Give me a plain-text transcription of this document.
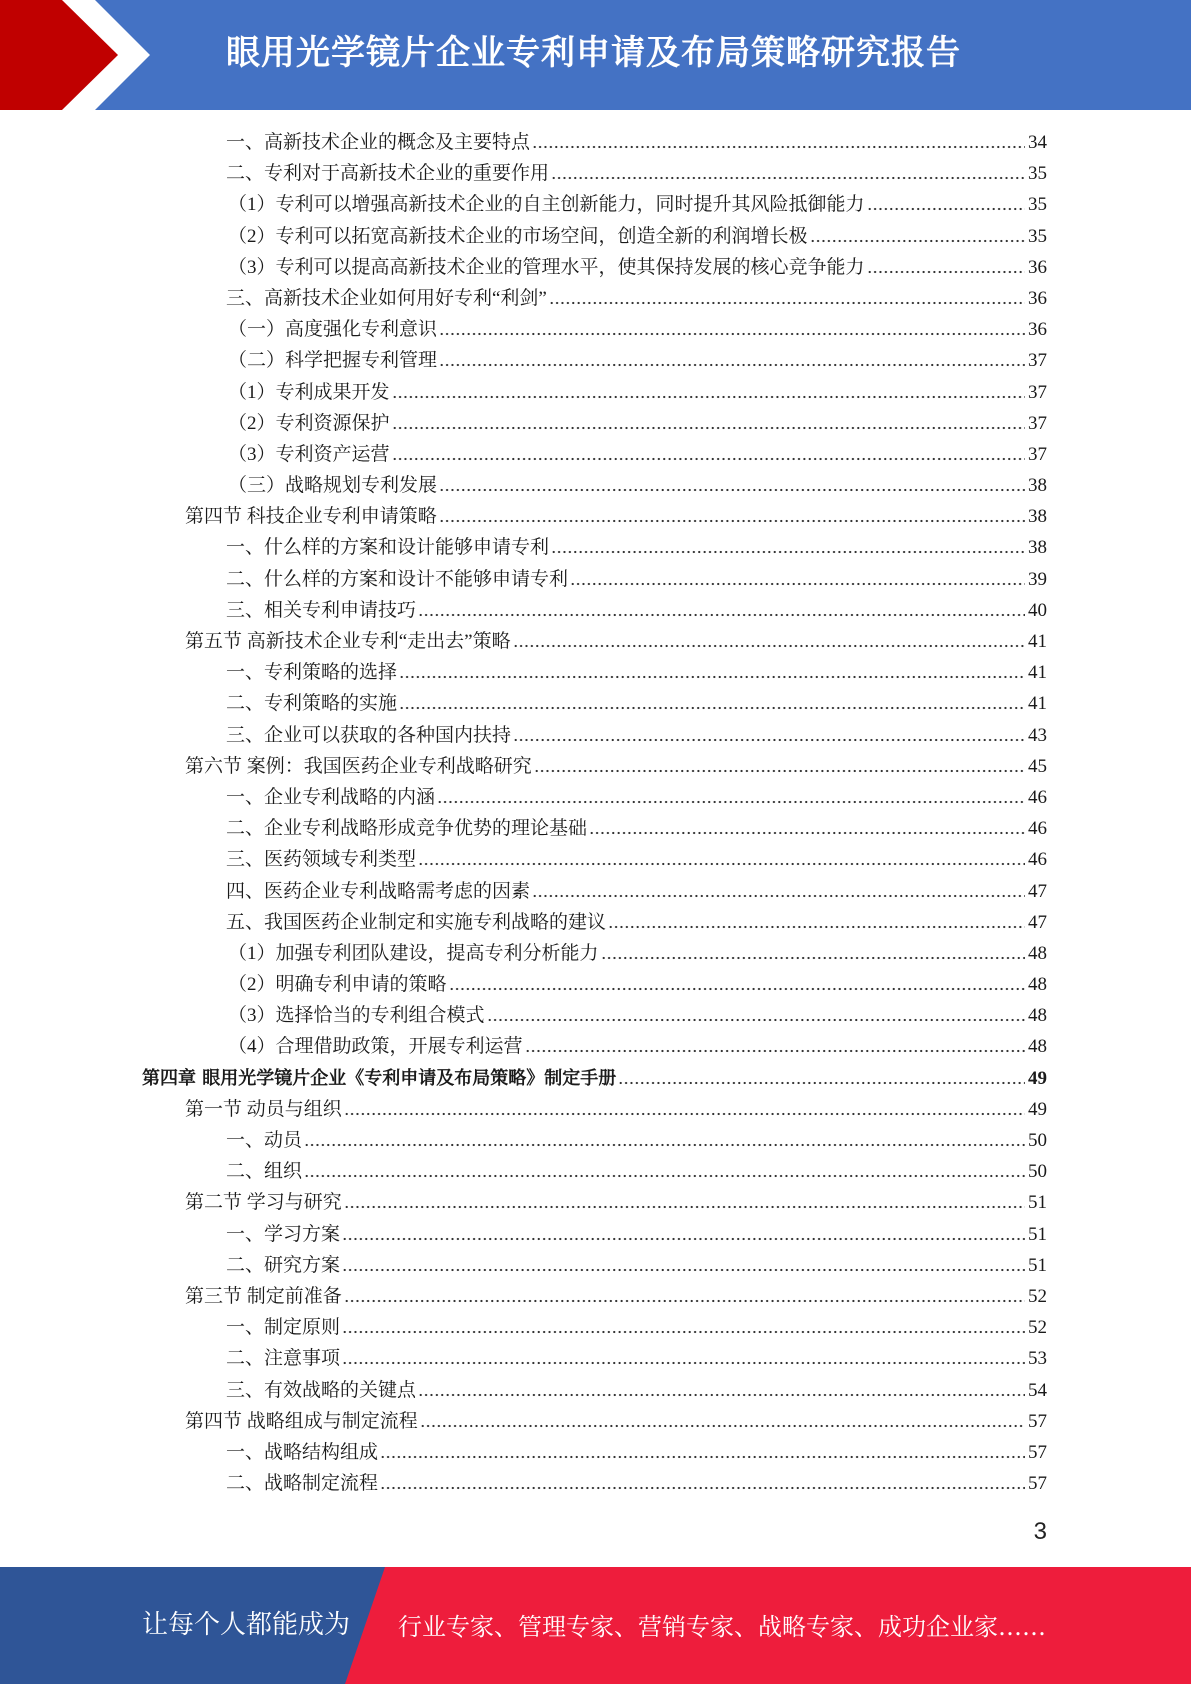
眼用光学镜片企业专利申请及布局策略研究报告
一、高新技术企业的概念及主要特点	34
二、专利对于高新技术企业的重要作用	35
（1）专利可以增强高新技术企业的自主创新能力，同时提升其风险抵御能力	35
（2）专利可以拓宽高新技术企业的市场空间，创造全新的利润增长极	35
（3）专利可以提高高新技术企业的管理水平，使其保持发展的核心竞争能力	36
三、高新技术企业如何用好专利“利剑”	36
（一）高度强化专利意识	36
（二）科学把握专利管理	37
（1）专利成果开发	37
（2）专利资源保护	37
（3）专利资产运营	37
（三）战略规划专利发展	38
第四节 科技企业专利申请策略	38
一、什么样的方案和设计能够申请专利	38
二、什么样的方案和设计不能够申请专利	39
三、相关专利申请技巧	40
第五节 高新技术企业专利“走出去”策略	41
一、专利策略的选择	41
二、专利策略的实施	41
三、企业可以获取的各种国内扶持	43
第六节 案例：我国医药企业专利战略研究	45
一、企业专利战略的内涵	46
二、企业专利战略形成竞争优势的理论基础	46
三、医药领域专利类型	46
四、医药企业专利战略需考虑的因素	47
五、我国医药企业制定和实施专利战略的建议	47
（1）加强专利团队建设，提高专利分析能力	48
（2）明确专利申请的策略	48
（3）选择恰当的专利组合模式	48
（4）合理借助政策，开展专利运营	48
第四章 眼用光学镜片企业《专利申请及布局策略》制定手册	49
第一节 动员与组织	49
一、动员	50
二、组织	50
第二节 学习与研究	51
一、学习方案	51
二、研究方案	51
第三节 制定前准备	52
一、制定原则	52
二、注意事项	53
三、有效战略的关键点	54
第四节 战略组成与制定流程	57
一、战略结构组成	57
二、战略制定流程	57
3
让每个人都能成为 行业专家、管理专家、营销专家、战略专家、成功企业家……
